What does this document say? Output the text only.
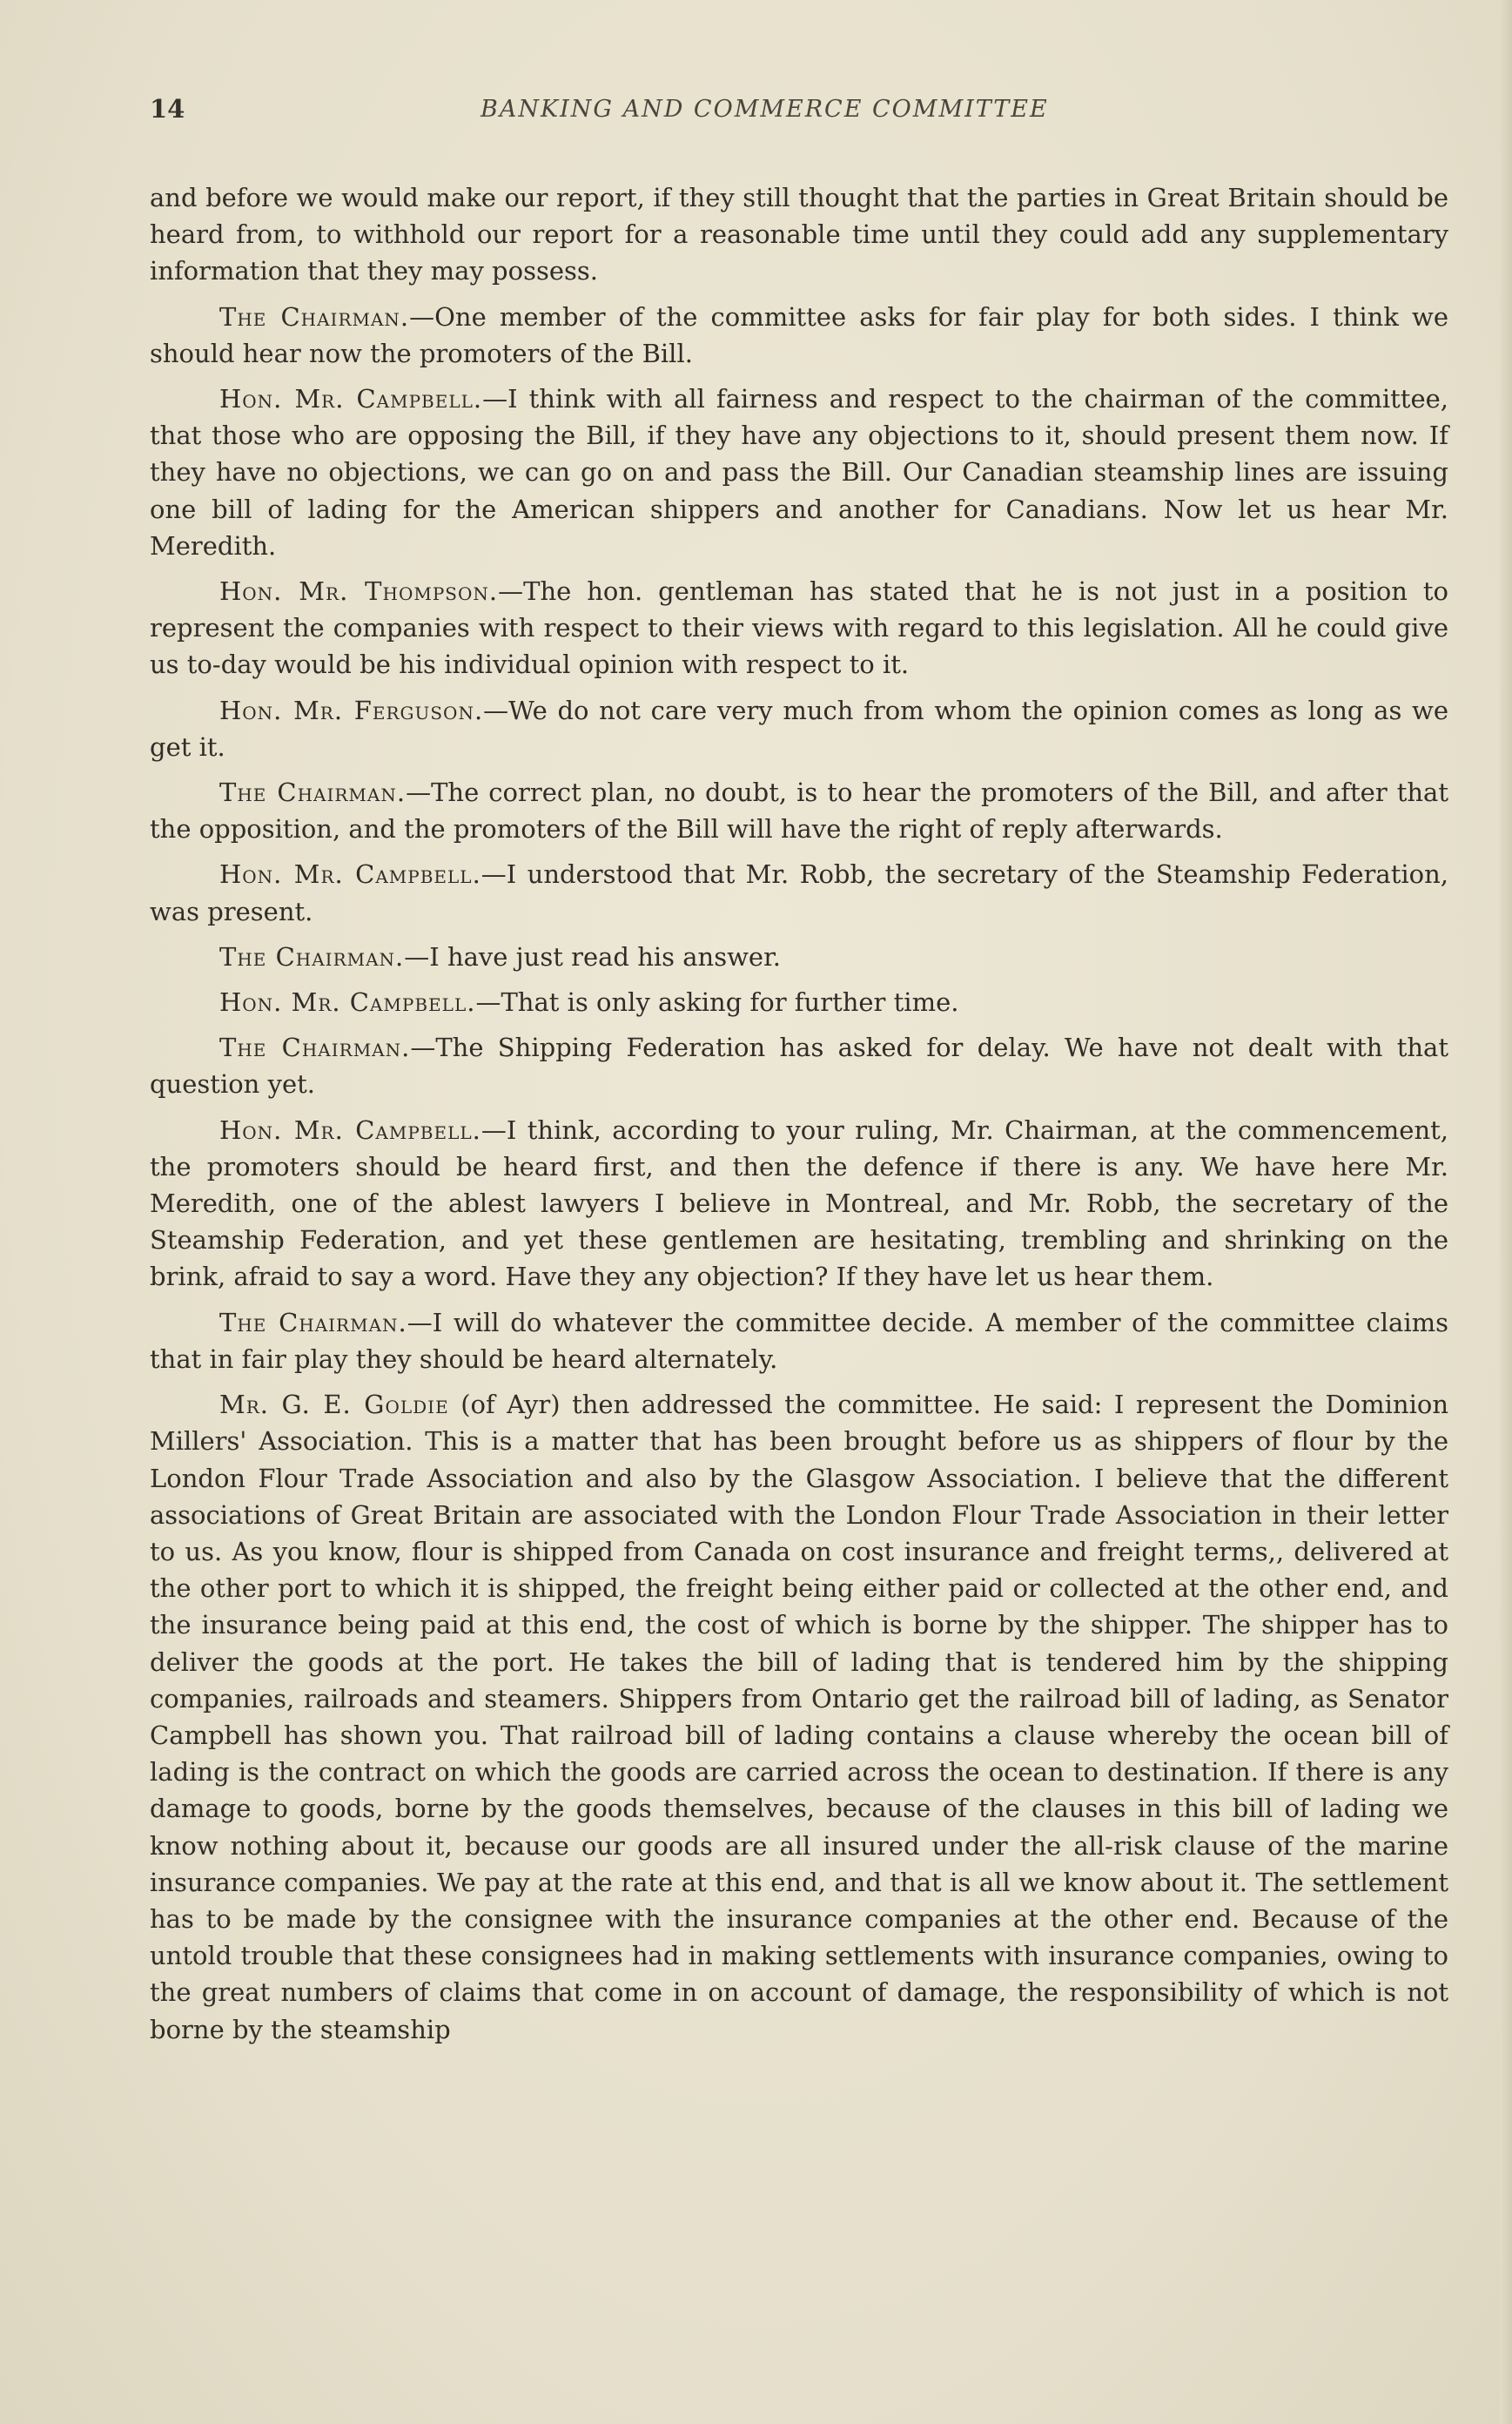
14	BANKING AND COMMERCE COMMITTEE

and before we would make our report, if they still thought that the parties in Great Britain should be heard from, to withhold our report for a reasonable time until they could add any supplementary information that they may possess.

The Chairman.—One member of the committee asks for fair play for both sides. I think we should hear now the promoters of the Bill.

Hon. Mr. Campbell.—I think with all fairness and respect to the chairman of the committee, that those who are opposing the Bill, if they have any objections to it, should present them now. If they have no objections, we can go on and pass the Bill. Our Canadian steamship lines are issuing one bill of lading for the American shippers and another for Canadians. Now let us hear Mr. Meredith.

Hon. Mr. Thompson.—The hon. gentleman has stated that he is not just in a position to represent the companies with respect to their views with regard to this legislation. All he could give us to-day would be his individual opinion with respect to it.

Hon. Mr. Ferguson.—We do not care very much from whom the opinion comes as long as we get it.

The Chairman.—The correct plan, no doubt, is to hear the promoters of the Bill, and after that the opposition, and the promoters of the Bill will have the right of reply afterwards.

Hon. Mr. Campbell.—I understood that Mr. Robb, the secretary of the Steamship Federation, was present.

The Chairman.—I have just read his answer.

Hon. Mr. Campbell.—That is only asking for further time.

The Chairman.—The Shipping Federation has asked for delay. We have not dealt with that question yet.

Hon. Mr. Campbell.—I think, according to your ruling, Mr. Chairman, at the commencement, the promoters should be heard first, and then the defence if there is any. We have here Mr. Meredith, one of the ablest lawyers I believe in Montreal, and Mr. Robb, the secretary of the Steamship Federation, and yet these gentlemen are hesitating, trembling and shrinking on the brink, afraid to say a word. Have they any objection? If they have let us hear them.

The Chairman.—I will do whatever the committee decide. A member of the committee claims that in fair play they should be heard alternately.

Mr. G. E. Goldie (of Ayr) then addressed the committee. He said: I represent the Dominion Millers' Association. This is a matter that has been brought before us as shippers of flour by the London Flour Trade Association and also by the Glasgow Association. I believe that the different associations of Great Britain are associated with the London Flour Trade Association in their letter to us. As you know, flour is shipped from Canada on cost insurance and freight terms,, delivered at the other port to which it is shipped, the freight being either paid or collected at the other end, and the insurance being paid at this end, the cost of which is borne by the shipper. The shipper has to deliver the goods at the port. He takes the bill of lading that is tendered him by the shipping companies, railroads and steamers. Shippers from Ontario get the railroad bill of lading, as Senator Campbell has shown you. That railroad bill of lading contains a clause whereby the ocean bill of lading is the contract on which the goods are carried across the ocean to destination. If there is any damage to goods, borne by the goods themselves, because of the clauses in this bill of lading we know nothing about it, because our goods are all insured under the all-risk clause of the marine insurance companies. We pay at the rate at this end, and that is all we know about it. The settlement has to be made by the consignee with the insurance companies at the other end. Because of the untold trouble that these consignees had in making settlements with insurance companies, owing to the great numbers of claims that come in on account of damage, the responsibility of which is not borne by the steamship
